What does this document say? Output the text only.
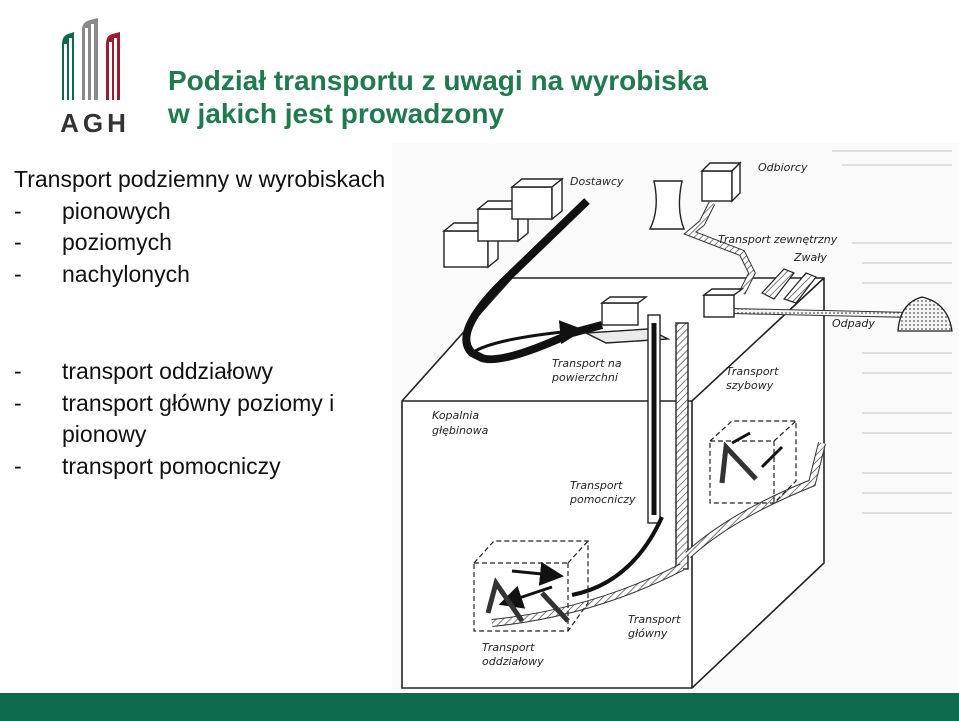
AGH
Podział transportu z uwagi na wyrobiska
w jakich jest prowadzony
Transport podziemny w wyrobiskach
- pionowych
- poziomych
- nachylonych
- transport oddziałowy
- transport główny poziomy i
pionowy
- transport pomocniczy
Dostawcy
Odbiorcy
Transport zewnętrzny
Zwały
Odpady
Transport na
powierzchni	Transport
szybowy
Kopalnia
głębinowa
Transport
pomocniczy
Transport
główny
Transport
oddziałowy
